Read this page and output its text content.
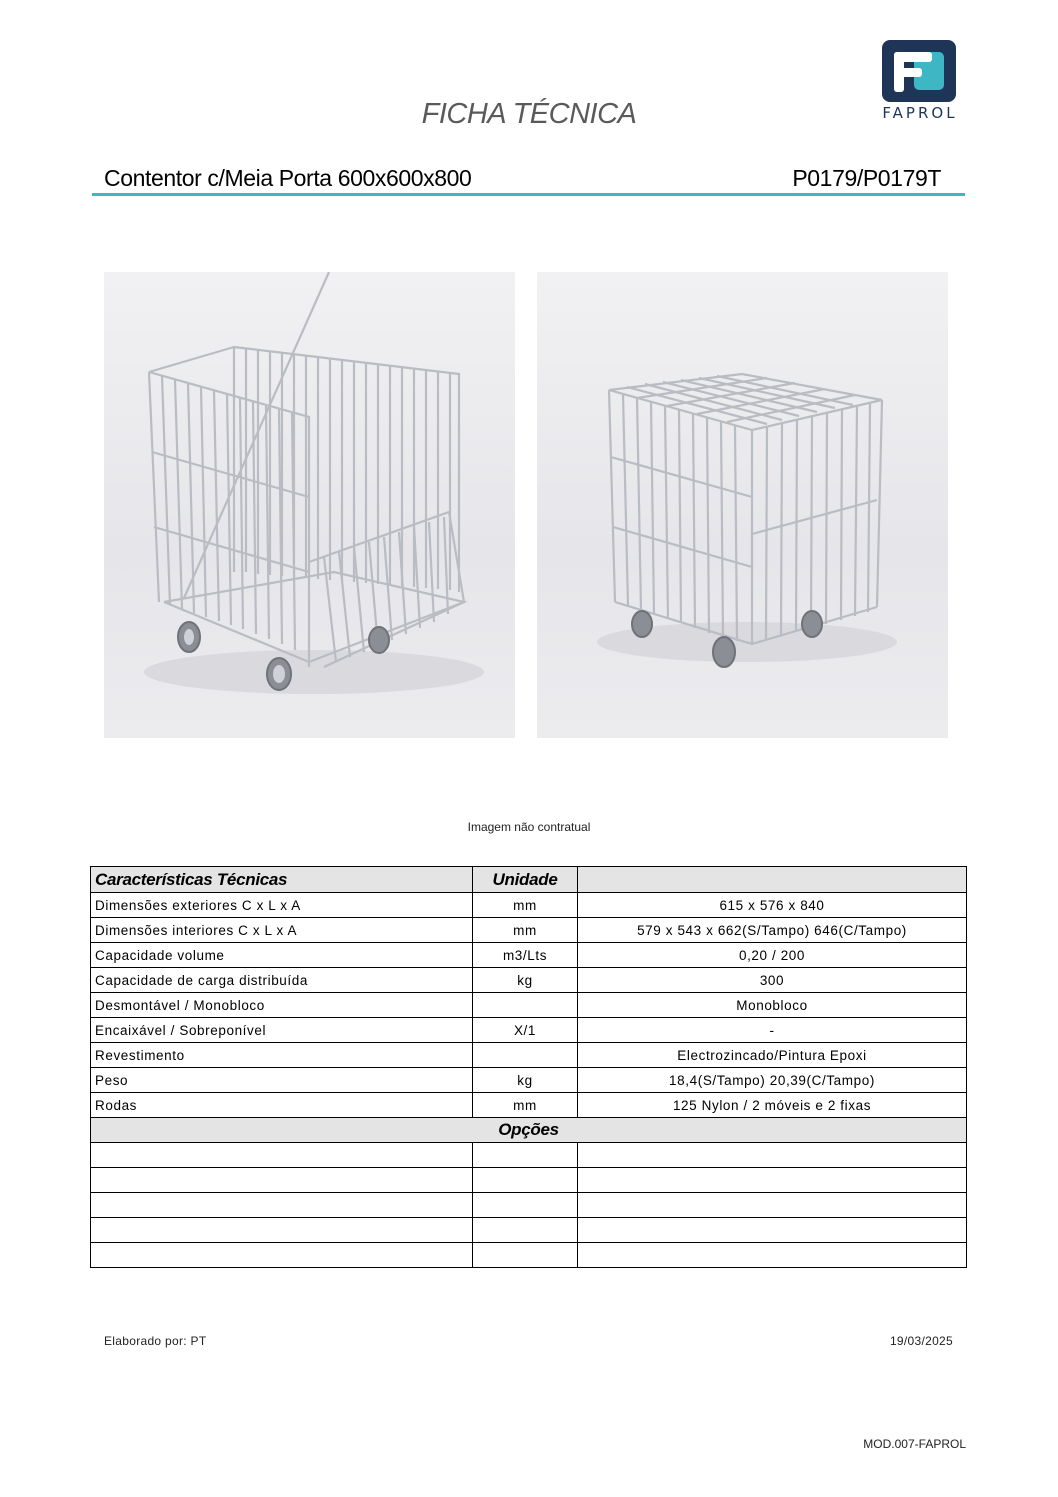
FICHA TÉCNICA	FAPROL
Contentor c/Meia Porta 600x600x800	P0179/P0179T
Imagem não contratual
Características Técnicas	Unidade	
Dimensões exteriores C x L x A	mm	615 x 576 x 840
Dimensões interiores C x L x A	mm	579 x 543 x 662(S/Tampo) 646(C/Tampo)
Capacidade volume	m3/Lts	0,20 / 200
Capacidade de carga distribuída	kg	300
Desmontável / Monobloco		Monobloco
Encaixável / Sobreponível	X/1	-
Revestimento		Electrozincado/Pintura Epoxi
Peso	kg	18,4(S/Tampo) 20,39(C/Tampo)
Rodas	mm	125 Nylon / 2 móveis e 2 fixas
Opções		

Elaborado por: PT	19/03/2025
MOD.007-FAPROL
